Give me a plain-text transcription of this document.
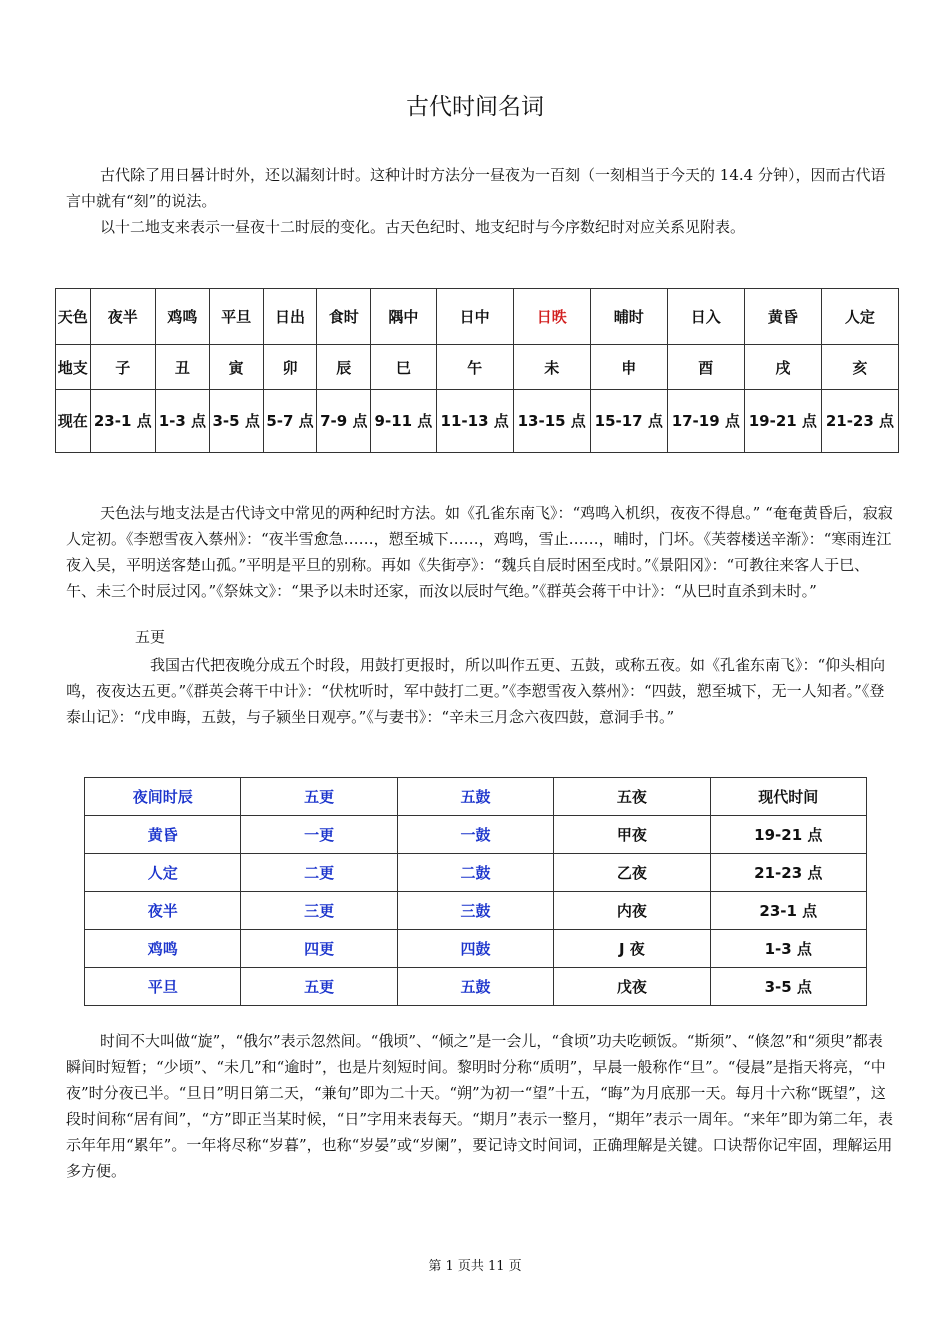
古代时间名词

古代除了用日晷计时外，还以漏刻计时。这种计时方法分一昼夜为一百刻（一刻相当于今天的 14.4 分钟），因而古代语言中就有“刻”的说法。

以十二地支来表示一昼夜十二时辰的变化。古天色纪时、地支纪时与今序数纪时对应关系见附表。

天色	夜半	鸡鸣	平旦	日出	食时	隅中	日中	日昳	晡时	日入	黄昏	人定
地支	子	丑	寅	卯	辰	巳	午	未	申	酉	戌	亥
现在	23-1 点	1-3 点	3-5 点	5-7 点	7-9 点	9-11 点	11-13 点	13-15 点	15-17 点	17-19 点	19-21 点	21-23 点

天色法与地支法是古代诗文中常见的两种纪时方法。如《孔雀东南飞》：“鸡鸣入机织，夜夜不得息。” “奄奄黄昏后，寂寂人定初。《李愬雪夜入蔡州》：“夜半雪愈急……，愬至城下……，鸡鸣，雪止……，晡时，门坏。《芙蓉楼送辛渐》：“寒雨连江夜入吴，平明送客楚山孤。”平明是平旦的别称。再如《失街亭》：“魏兵自辰时困至戌时。”《景阳冈》：“可教往来客人于巳、午、未三个时辰过冈。”《祭妹文》：“果予以未时还家，而汝以辰时气绝。”《群英会蒋干中计》：“从巳时直杀到未时。”

五更

我国古代把夜晚分成五个时段，用鼓打更报时，所以叫作五更、五鼓，或称五夜。如《孔雀东南飞》：“仰头相向鸣，夜夜达五更。”《群英会蒋干中计》：“伏枕听时，军中鼓打二更。”《李愬雪夜入蔡州》：“四鼓，愬至城下，无一人知者。”《登泰山记》：“戊申晦，五鼓，与子颍坐日观亭。”《与妻书》：“辛未三月念六夜四鼓，意洞手书。”

夜间时辰	五更	五鼓	五夜	现代时间
黄昏	一更	一鼓	甲夜	19-21 点
人定	二更	二鼓	乙夜	21-23 点
夜半	三更	三鼓	内夜	23-1 点
鸡鸣	四更	四鼓	J 夜	1-3 点
平旦	五更	五鼓	戊夜	3-5 点

时间不大叫做“旋”，“俄尔”表示忽然间。“俄顷”、“倾之”是一会儿，“食顷”功夫吃顿饭。“斯须”、“倏忽”和“须臾”都表瞬间时短暂；“少顷”、“未几”和“逾时”，也是片刻短时间。黎明时分称“质明”，早晨一般称作“旦”。“侵晨”是指天将亮，“中夜”时分夜已半。“旦日”明日第二天，“兼旬”即为二十天。“朔”为初一“望”十五，“晦”为月底那一天。每月十六称“既望”，这段时间称“居有间”，“方”即正当某时候，“日”字用来表每天。“期月”表示一整月，“期年”表示一周年。“来年”即为第二年，表示年年用“累年”。一年将尽称“岁暮”，也称“岁晏”或“岁阑”，要记诗文时间词，正确理解是关键。口诀帮你记牢固，理解运用多方便。

第 1 页共 11 页
